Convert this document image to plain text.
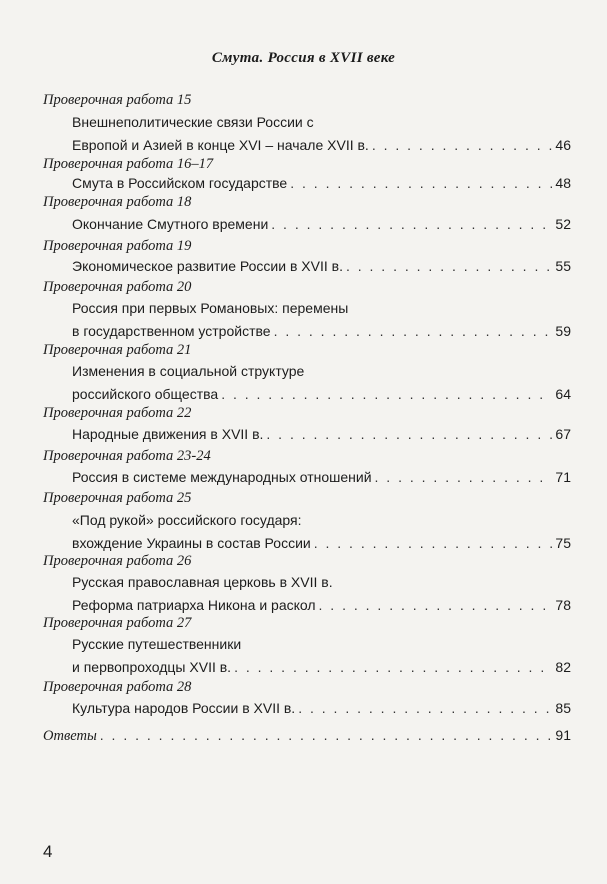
Смута. Россия в XVII веке
Проверочная работа 15
Внешнеполитические связи России с
Европой и Азией в конце XVI – начале XVII в. . . .	46
Проверочная работа 16–17
Смута в Российском государстве . . .	48
Проверочная работа 18
Окончание Смутного времени . . .	52
Проверочная работа 19
Экономическое развитие России в XVII в. . . .	55
Проверочная работа 20
Россия при первых Романовых: перемены
в государственном устройстве . . .	59
Проверочная работа 21
Изменения в социальной структуре
российского общества . . .	64
Проверочная работа 22
Народные движения в XVII в. . . .	67
Проверочная работа 23-24
Россия в системе международных отношений . . .	71
Проверочная работа 25
«Под рукой» российского государя:
вхождение Украины в состав России . . .	75
Проверочная работа 26
Русская православная церковь в XVII в.
Реформа патриарха Никона и раскол . . .	78
Проверочная работа 27
Русские путешественники
и первопроходцы XVII в. . . .	82
Проверочная работа 28
Культура народов России в XVII в. . . .	85
Ответы . . .	91
4
